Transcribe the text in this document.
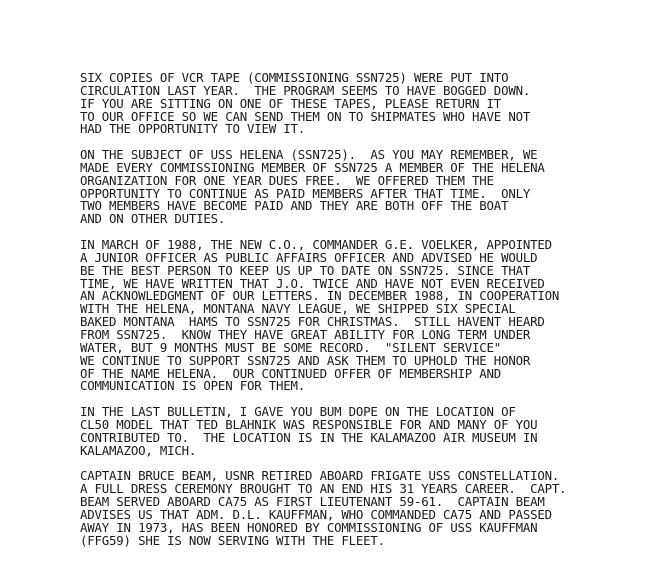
SIX COPIES OF VCR TAPE (COMMISSIONING SSN725) WERE PUT INTO
CIRCULATION LAST YEAR.  THE PROGRAM SEEMS TO HAVE BOGGED DOWN.
IF YOU ARE SITTING ON ONE OF THESE TAPES, PLEASE RETURN IT
TO OUR OFFICE SO WE CAN SEND THEM ON TO SHIPMATES WHO HAVE NOT
HAD THE OPPORTUNITY TO VIEW IT.
ON THE SUBJECT OF USS HELENA (SSN725).  AS YOU MAY REMEMBER, WE
MADE EVERY COMMISSIONING MEMBER OF SSN725 A MEMBER OF THE HELENA
ORGANIZATION FOR ONE YEAR DUES FREE.  WE OFFERED THEM THE
OPPORTUNITY TO CONTINUE AS PAID MEMBERS AFTER THAT TIME.  ONLY
TWO MEMBERS HAVE BECOME PAID AND THEY ARE BOTH OFF THE BOAT
AND ON OTHER DUTIES.
IN MARCH OF 1988, THE NEW C.O., COMMANDER G.E. VOELKER, APPOINTED
A JUNIOR OFFICER AS PUBLIC AFFAIRS OFFICER AND ADVISED HE WOULD
BE THE BEST PERSON TO KEEP US UP TO DATE ON SSN725. SINCE THAT
TIME, WE HAVE WRITTEN THAT J.O. TWICE AND HAVE NOT EVEN RECEIVED
AN ACKNOWLEDGMENT OF OUR LETTERS. IN DECEMBER 1988, IN COOPERATION
WITH THE HELENA, MONTANA NAVY LEAGUE, WE SHIPPED SIX SPECIAL
BAKED MONTANA  HAMS TO SSN725 FOR CHRISTMAS.  STILL HAVENT HEARD
FROM SSN725.  KNOW THEY HAVE GREAT ABILITY FOR LONG TERM UNDER
WATER, BUT 9 MONTHS MUST BE SOME RECORD.  "SILENT SERVICE"
WE CONTINUE TO SUPPORT SSN725 AND ASK THEM TO UPHOLD THE HONOR
OF THE NAME HELENA.  OUR CONTINUED OFFER OF MEMBERSHIP AND
COMMUNICATION IS OPEN FOR THEM.
IN THE LAST BULLETIN, I GAVE YOU BUM DOPE ON THE LOCATION OF
CL50 MODEL THAT TED BLAHNIK WAS RESPONSIBLE FOR AND MANY OF YOU
CONTRIBUTED TO.  THE LOCATION IS IN THE KALAMAZOO AIR MUSEUM IN
KALAMAZOO, MICH.
CAPTAIN BRUCE BEAM, USNR RETIRED ABOARD FRIGATE USS CONSTELLATION.
A FULL DRESS CEREMONY BROUGHT TO AN END HIS 31 YEARS CAREER.  CAPT.
BEAM SERVED ABOARD CA75 AS FIRST LIEUTENANT 59-61.  CAPTAIN BEAM
ADVISES US THAT ADM. D.L. KAUFFMAN, WHO COMMANDED CA75 AND PASSED
AWAY IN 1973, HAS BEEN HONORED BY COMMISSIONING OF USS KAUFFMAN
(FFG59) SHE IS NOW SERVING WITH THE FLEET.
